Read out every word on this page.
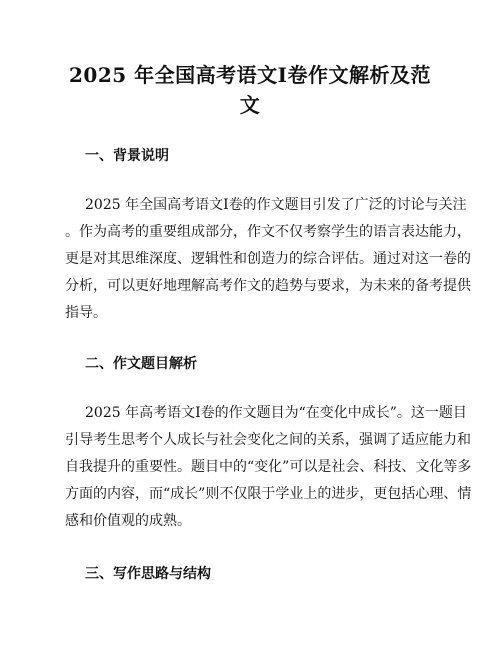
2025 年全国高考语文Ⅰ卷作文解析及范
文
一、背景说明
2025 年全国高考语文Ⅰ卷的作文题目引发了广泛的讨论与关注
。作为高考的重要组成部分，作文不仅考察学生的语言表达能力，
更是对其思维深度、逻辑性和创造力的综合评估。通过对这一卷的
分析，可以更好地理解高考作文的趋势与要求，为未来的备考提供
指导。
二、作文题目解析
2025 年高考语文Ⅰ卷的作文题目为“在变化中成长”。这一题目
引导考生思考个人成长与社会变化之间的关系，强调了适应能力和
自我提升的重要性。题目中的“变化”可以是社会、科技、文化等多
方面的内容，而“成长”则不仅限于学业上的进步，更包括心理、情
感和价值观的成熟。
三、写作思路与结构
